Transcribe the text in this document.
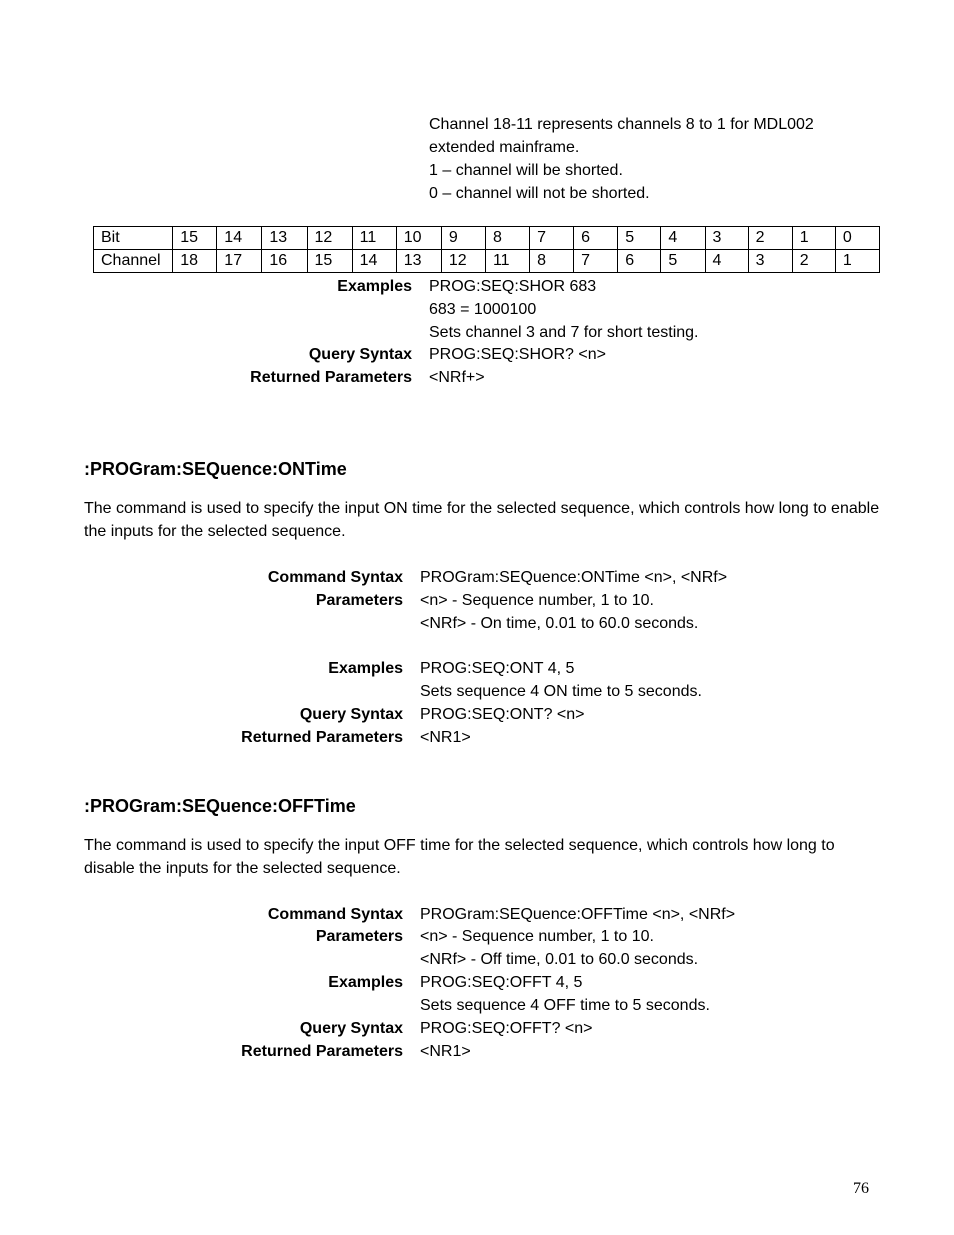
Channel 18-11 represents channels 8 to 1 for MDL002
extended mainframe.
1 – channel will be shorted.
0 – channel will not be shorted.
Bit	15	14	13	12	11	10	9	8	7	6	5	4	3	2	1	0
Channel	18	17	16	15	14	13	12	11	8	7	6	5	4	3	2	1
Examples PROG:SEQ:SHOR 683
683 = 1000100
Sets channel 3 and 7 for short testing.
Query Syntax PROG:SEQ:SHOR? <n>
Returned Parameters <NRf+>
:PROGram:SEQuence:ONTime
The command is used to specify the input ON time for the selected sequence, which controls how long to enable the inputs for the selected sequence.
Command Syntax PROGram:SEQuence:ONTime <n>, <NRf>
Parameters <n> - Sequence number, 1 to 10.
<NRf> - On time, 0.01 to 60.0 seconds.
Examples PROG:SEQ:ONT 4, 5
Sets sequence 4 ON time to 5 seconds.
Query Syntax PROG:SEQ:ONT? <n>
Returned Parameters <NR1>
:PROGram:SEQuence:OFFTime
The command is used to specify the input OFF time for the selected sequence, which controls how long to disable the inputs for the selected sequence.
Command Syntax PROGram:SEQuence:OFFTime <n>, <NRf>
Parameters <n> - Sequence number, 1 to 10.
<NRf> - Off time, 0.01 to 60.0 seconds.
Examples PROG:SEQ:OFFT 4, 5
Sets sequence 4 OFF time to 5 seconds.
Query Syntax PROG:SEQ:OFFT? <n>
Returned Parameters <NR1>
76
